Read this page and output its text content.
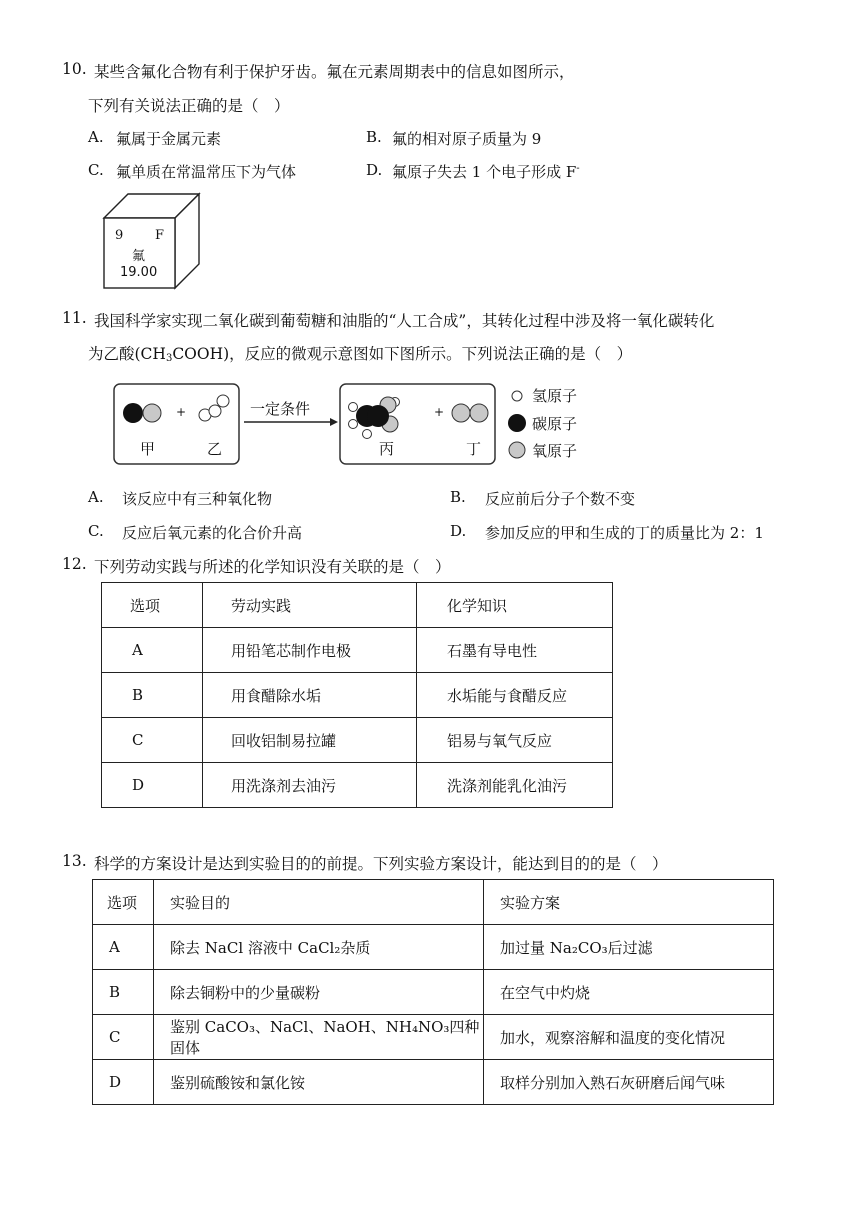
10. 某些含氟化合物有利于保护牙齿。氟在元素周期表中的信息如图所示，
下列有关说法正确的是（　）
A. 氟属于金属元素	B. 氟的相对原子质量为 9
C. 氟单质在常温常压下为气体	D. 氟原子失去 1 个电子形成 F-
9 F
氟
19.00
11. 我国科学家实现二氧化碳到葡萄糖和油脂的“人工合成”，其转化过程中涉及将一氧化碳转化
为乙酸$(CH_3COOH)$，反应的微观示意图如下图所示。下列说法正确的是（　）
甲	乙
+	一定条件	+
丙	丁
氢原子
碳原子
氧原子
A. 该反应中有三种氧化物	B. 反应前后分子个数不变
C. 反应后氧元素的化合价升高	D. 参加反应的甲和生成的丁的质量比为 2：1
12. 下列劳动实践与所述的化学知识没有关联的是（　）
选项	劳动实践	化学知识
A	用铅笔芯制作电极	石墨有导电性
B	用食醋除水垢	水垢能与食醋反应
C	回收铝制易拉罐	铝易与氧气反应
D	用洗涤剂去油污	洗涤剂能乳化油污
13. 科学的方案设计是达到实验目的的前提。下列实验方案设计，能达到目的的是（　）
选项	实验目的	实验方案
A	除去 NaCl 溶液中 CaCl₂杂质	加过量 Na₂CO₃后过滤
B	除去铜粉中的少量碳粉	在空气中灼烧
C	鉴别 CaCO₃、NaCl、NaOH、NH₄NO₃四种固体	加水，观察溶解和温度的变化情况
D	鉴别硫酸铵和氯化铵	取样分别加入熟石灰研磨后闻气味
